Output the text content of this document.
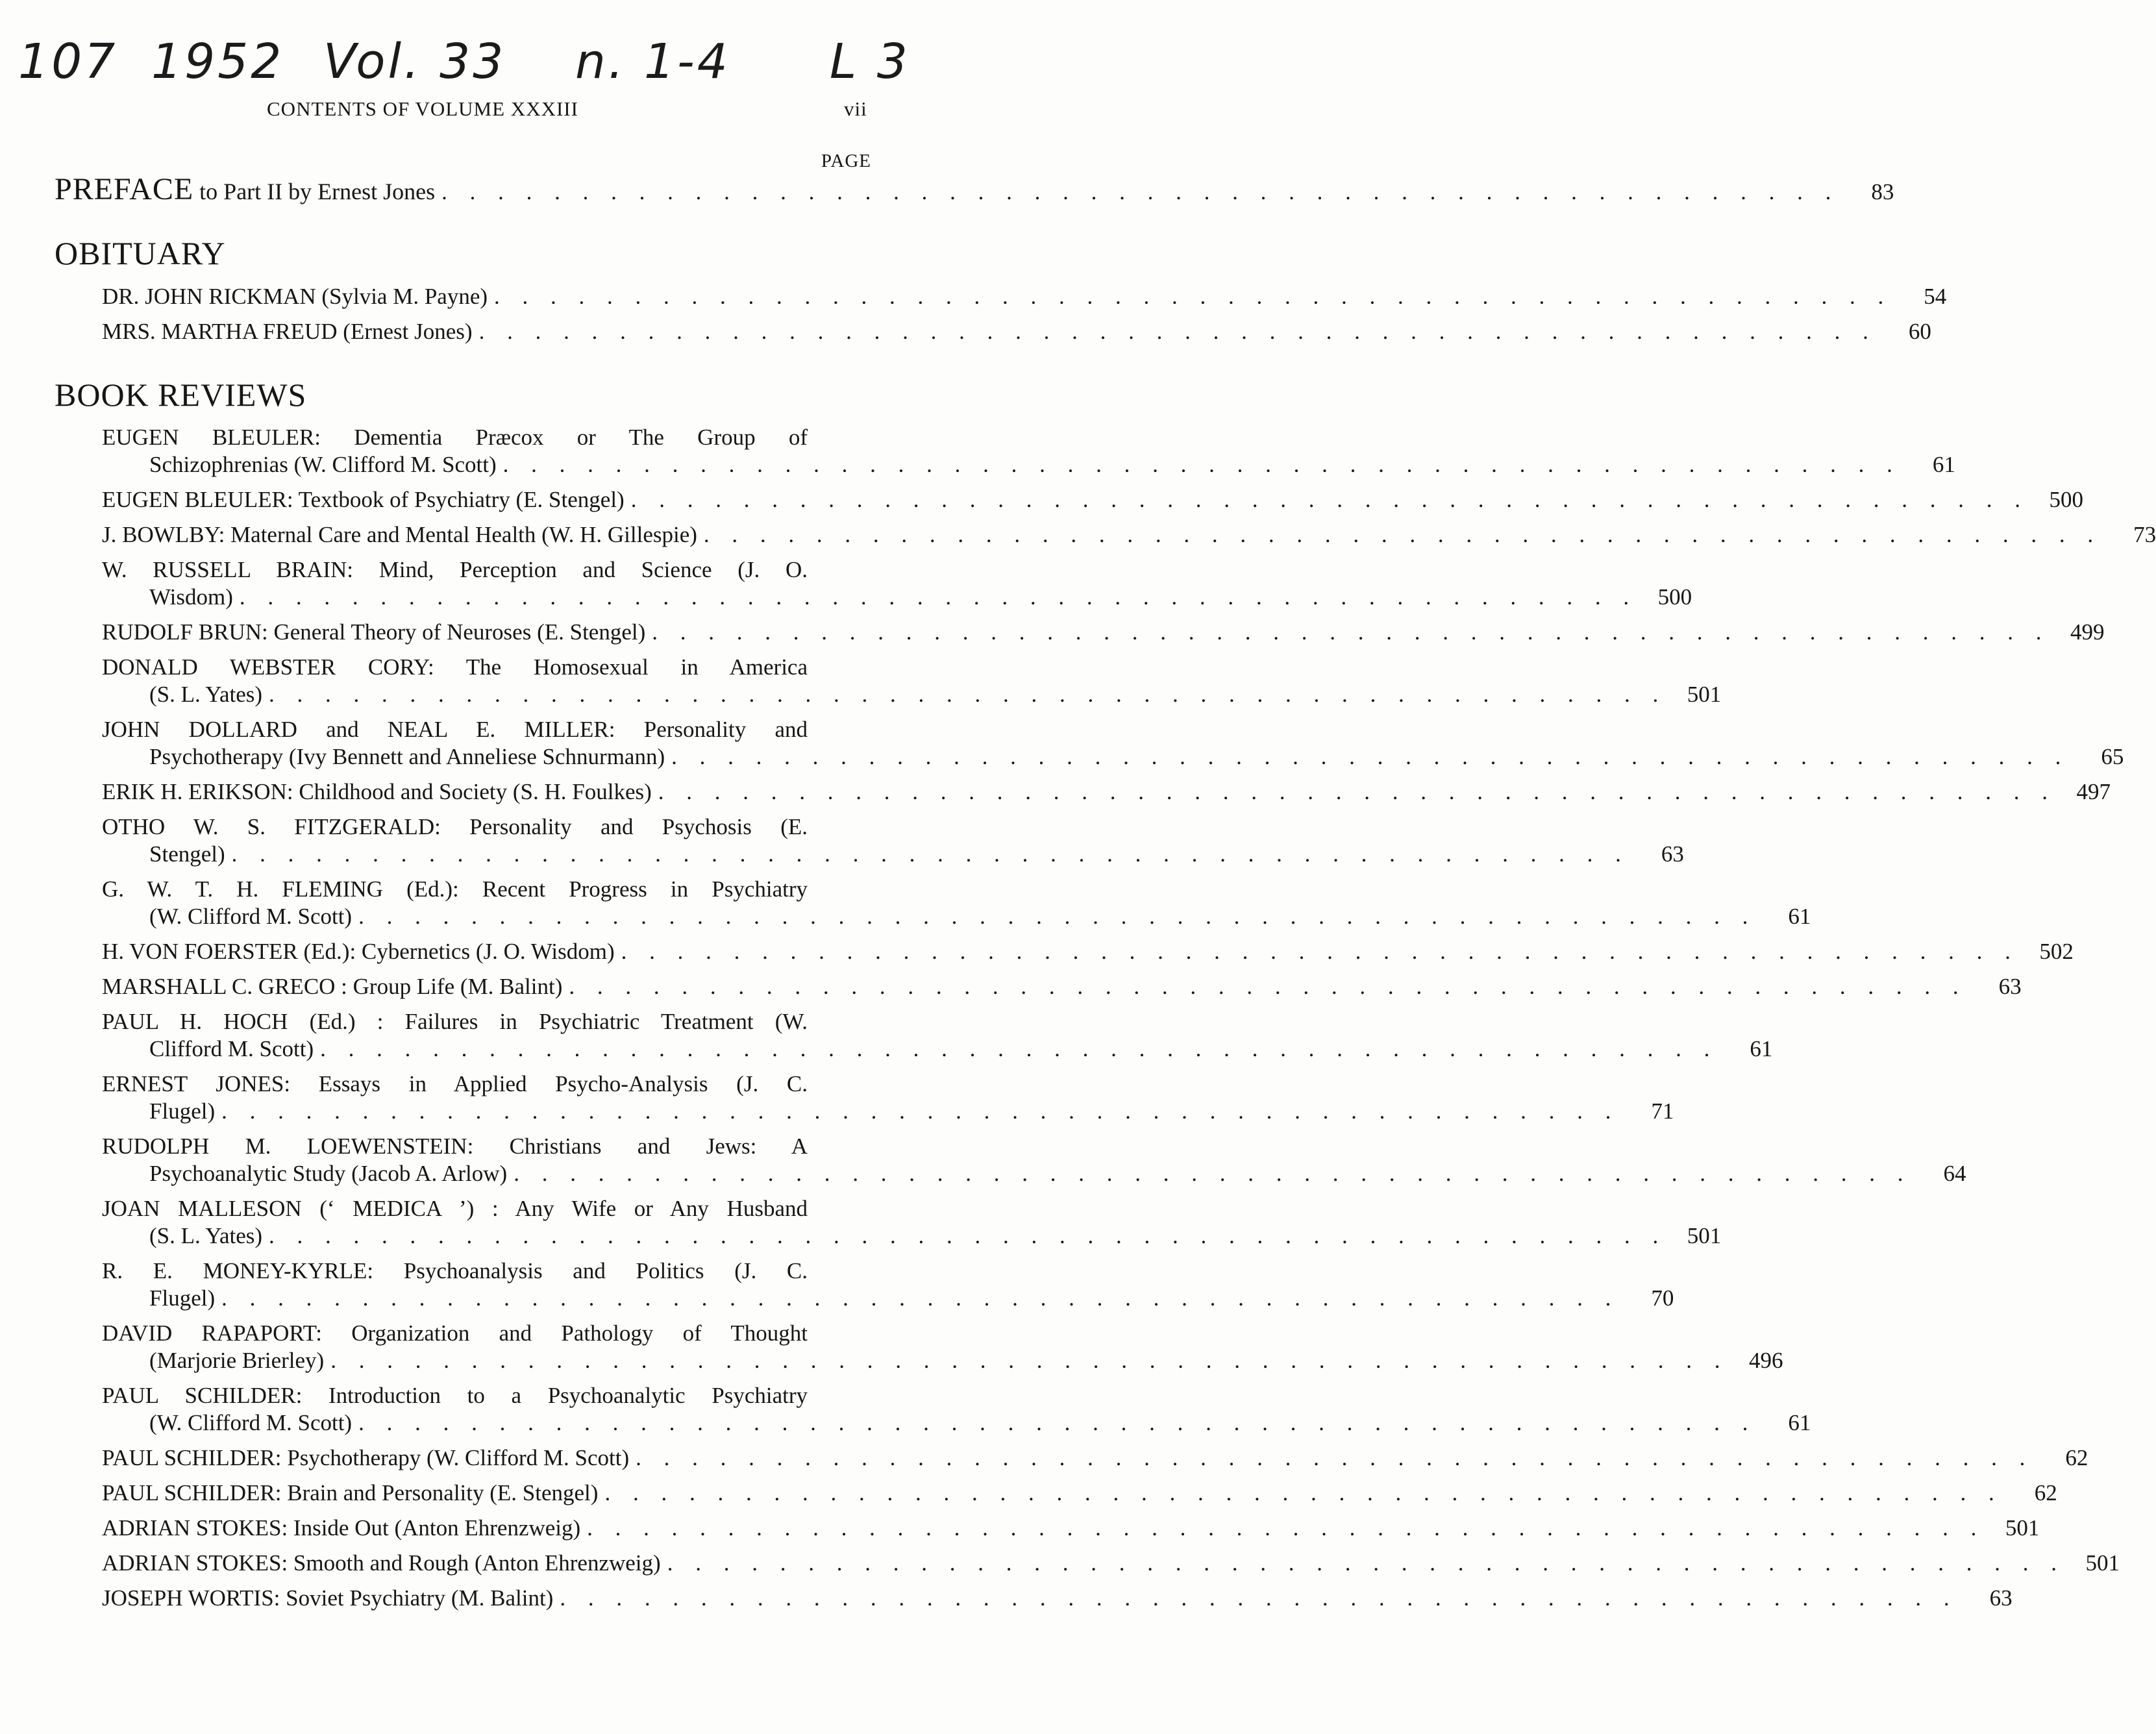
107 1952 Vol. 33 n. 1-4 L 3
CONTENTS OF VOLUME XXXIII	vii
PAGE
PREFACE to Part II by Ernest Jones . . . . . . . . . . . . . . . . . . . . . . . . . . . . . . . . . . . . . . . . . . . . . . . . . .	83
OBITUARY
DR. JOHN RICKMAN (Sylvia M. Payne) . . . . . . . . . . . . . . . . . . . . . . . . . . . . . . . . . . . . . . . . . . . . . . . . . .	54
MRS. MARTHA FREUD (Ernest Jones) . . . . . . . . . . . . . . . . . . . . . . . . . . . . . . . . . . . . . . . . . . . . . . . . . .	60
BOOK REVIEWS
EUGEN BLEULER: Dementia Præcox or The Group of
Schizophrenias (W. Clifford M. Scott) . . . . . . . . . . . . . . . . . . . . . . . . . . . . . . . . . . . . . . . . . . . . . . . . . .	61
EUGEN BLEULER: Textbook of Psychiatry (E. Stengel) . . . . . . . . . . . . . . . . . . . . . . . . . . . . . . . . . . . . . . . . . . . . . . . . . . 500
J. BOWLBY: Maternal Care and Mental Health (W. H. Gillespie) . . . . . . . . . . . . . . . . . . . . . . . . . . . . . . . . . . . . . . . . . . . . . . . . . .	73
W. RUSSELL BRAIN: Mind, Perception and Science (J. O.
Wisdom) . . . . . . . . . . . . . . . . . . . . . . . . . . . . . . . . . . . . . . . . . . . . . . . . . . 500
RUDOLF BRUN: General Theory of Neuroses (E. Stengel) . . . . . . . . . . . . . . . . . . . . . . . . . . . . . . . . . . . . . . . . . . . . . . . . . . 499
DONALD WEBSTER CORY: The Homosexual in America
(S. L. Yates) . . . . . . . . . . . . . . . . . . . . . . . . . . . . . . . . . . . . . . . . . . . . . . . . . . 501
JOHN DOLLARD and NEAL E. MILLER: Personality and
Psychotherapy (Ivy Bennett and Anneliese Schnurmann) . . . . . . . . . . . . . . . . . . . . . . . . . . . . . . . . . . . . . . . . . . . . . . . . . .	65
ERIK H. ERIKSON: Childhood and Society (S. H. Foulkes) . . . . . . . . . . . . . . . . . . . . . . . . . . . . . . . . . . . . . . . . . . . . . . . . . . 497
OTHO W. S. FITZGERALD: Personality and Psychosis (E.
Stengel) . . . . . . . . . . . . . . . . . . . . . . . . . . . . . . . . . . . . . . . . . . . . . . . . . .	63
G. W. T. H. FLEMING (Ed.): Recent Progress in Psychiatry
(W. Clifford M. Scott) . . . . . . . . . . . . . . . . . . . . . . . . . . . . . . . . . . . . . . . . . . . . . . . . . .	61
H. VON FOERSTER (Ed.): Cybernetics (J. O. Wisdom) . . . . . . . . . . . . . . . . . . . . . . . . . . . . . . . . . . . . . . . . . . . . . . . . . . 502
MARSHALL C. GRECO : Group Life (M. Balint) . . . . . . . . . . . . . . . . . . . . . . . . . . . . . . . . . . . . . . . . . . . . . . . . . .	63
PAUL H. HOCH (Ed.) : Failures in Psychiatric Treatment (W.
Clifford M. Scott) . . . . . . . . . . . . . . . . . . . . . . . . . . . . . . . . . . . . . . . . . . . . . . . . . .	61
ERNEST JONES: Essays in Applied Psycho-Analysis (J. C.
Flugel) . . . . . . . . . . . . . . . . . . . . . . . . . . . . . . . . . . . . . . . . . . . . . . . . . .	71
RUDOLPH M. LOEWENSTEIN: Christians and Jews: A
Psychoanalytic Study (Jacob A. Arlow) . . . . . . . . . . . . . . . . . . . . . . . . . . . . . . . . . . . . . . . . . . . . . . . . . .	64
JOAN MALLESON (‘ MEDICA ’) : Any Wife or Any Husband
(S. L. Yates) . . . . . . . . . . . . . . . . . . . . . . . . . . . . . . . . . . . . . . . . . . . . . . . . . . 501
R. E. MONEY-KYRLE: Psychoanalysis and Politics (J. C.
Flugel) . . . . . . . . . . . . . . . . . . . . . . . . . . . . . . . . . . . . . . . . . . . . . . . . . .	70
DAVID RAPAPORT: Organization and Pathology of Thought
(Marjorie Brierley) . . . . . . . . . . . . . . . . . . . . . . . . . . . . . . . . . . . . . . . . . . . . . . . . . . 496
PAUL SCHILDER: Introduction to a Psychoanalytic Psychiatry
(W. Clifford M. Scott) . . . . . . . . . . . . . . . . . . . . . . . . . . . . . . . . . . . . . . . . . . . . . . . . . .	61
PAUL SCHILDER: Psychotherapy (W. Clifford M. Scott) . . . . . . . . . . . . . . . . . . . . . . . . . . . . . . . . . . . . . . . . . . . . . . . . . .	62
PAUL SCHILDER: Brain and Personality (E. Stengel) . . . . . . . . . . . . . . . . . . . . . . . . . . . . . . . . . . . . . . . . . . . . . . . . . .	62
ADRIAN STOKES: Inside Out (Anton Ehrenzweig) . . . . . . . . . . . . . . . . . . . . . . . . . . . . . . . . . . . . . . . . . . . . . . . . . . 501
ADRIAN STOKES: Smooth and Rough (Anton Ehrenzweig) . . . . . . . . . . . . . . . . . . . . . . . . . . . . . . . . . . . . . . . . . . . . . . . . . . 501
JOSEPH WORTIS: Soviet Psychiatry (M. Balint) . . . . . . . . . . . . . . . . . . . . . . . . . . . . . . . . . . . . . . . . . . . . . . . . . .	63
